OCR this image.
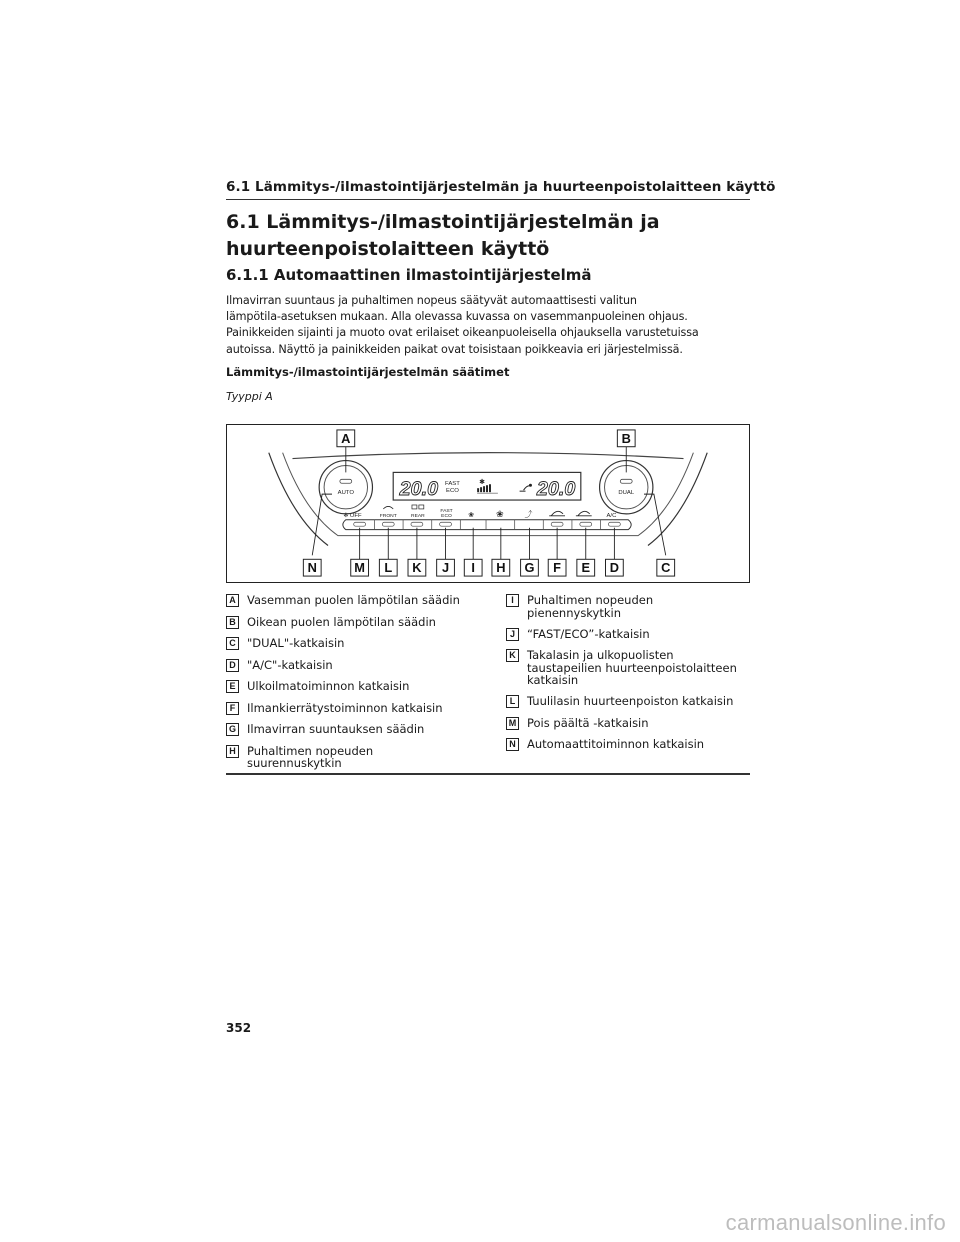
6.1 Lämmitys-/ilmastointijärjestelmän ja huurteenpoistolaitteen käyttö
6.1 Lämmitys-/ilmastointijärjestelmän ja
huurteenpoistolaitteen käyttö
6.1.1 Automaattinen ilmastointijärjestelmä
Ilmavirran suuntaus ja puhaltimen nopeus säätyvät automaattisesti valitun
lämpötila-asetuksen mukaan. Alla olevassa kuvassa on vasemmanpuoleinen ohjaus.
Painikkeiden sijainti ja muoto ovat erilaiset oikeanpuoleisella ohjauksella varustetuissa
autoissa. Näyttö ja painikkeiden paikat ovat toisistaan poikkeavia eri järjestelmissä.
Lämmitys-/ilmastointijärjestelmän säätimet
Tyyppi A
AUTO	DUAL
20.0	20.0
FAST
ECO
✱
OFF
✻	FRONT	REAR
FAST
ECO ❀ ❀	⤴	A/C
A	B
C
D
E
F
G
H
I
J
K
L
M
N
A Vasemman puolen lämpötilan säädin
B Oikean puolen lämpötilan säädin
C "DUAL"-katkaisin
D "A/C"-katkaisin
E	Ulkoilmatoiminnon katkaisin
F	Ilmankierrätystoiminnon katkaisin
G Ilmavirran suuntauksen säädin
H Puhaltimen nopeuden suurennuskytkin
I	Puhaltimen nopeuden pienennyskytkin
J	“FAST/ECO”-katkaisin
K Takalasin ja ulkopuolisten taustapeilien huurteenpoistolaitteen katkaisin
L	Tuulilasin huurteenpoiston katkaisin
M Pois päältä -katkaisin
N Automaattitoiminnon katkaisin
352
carmanualsonline.info
